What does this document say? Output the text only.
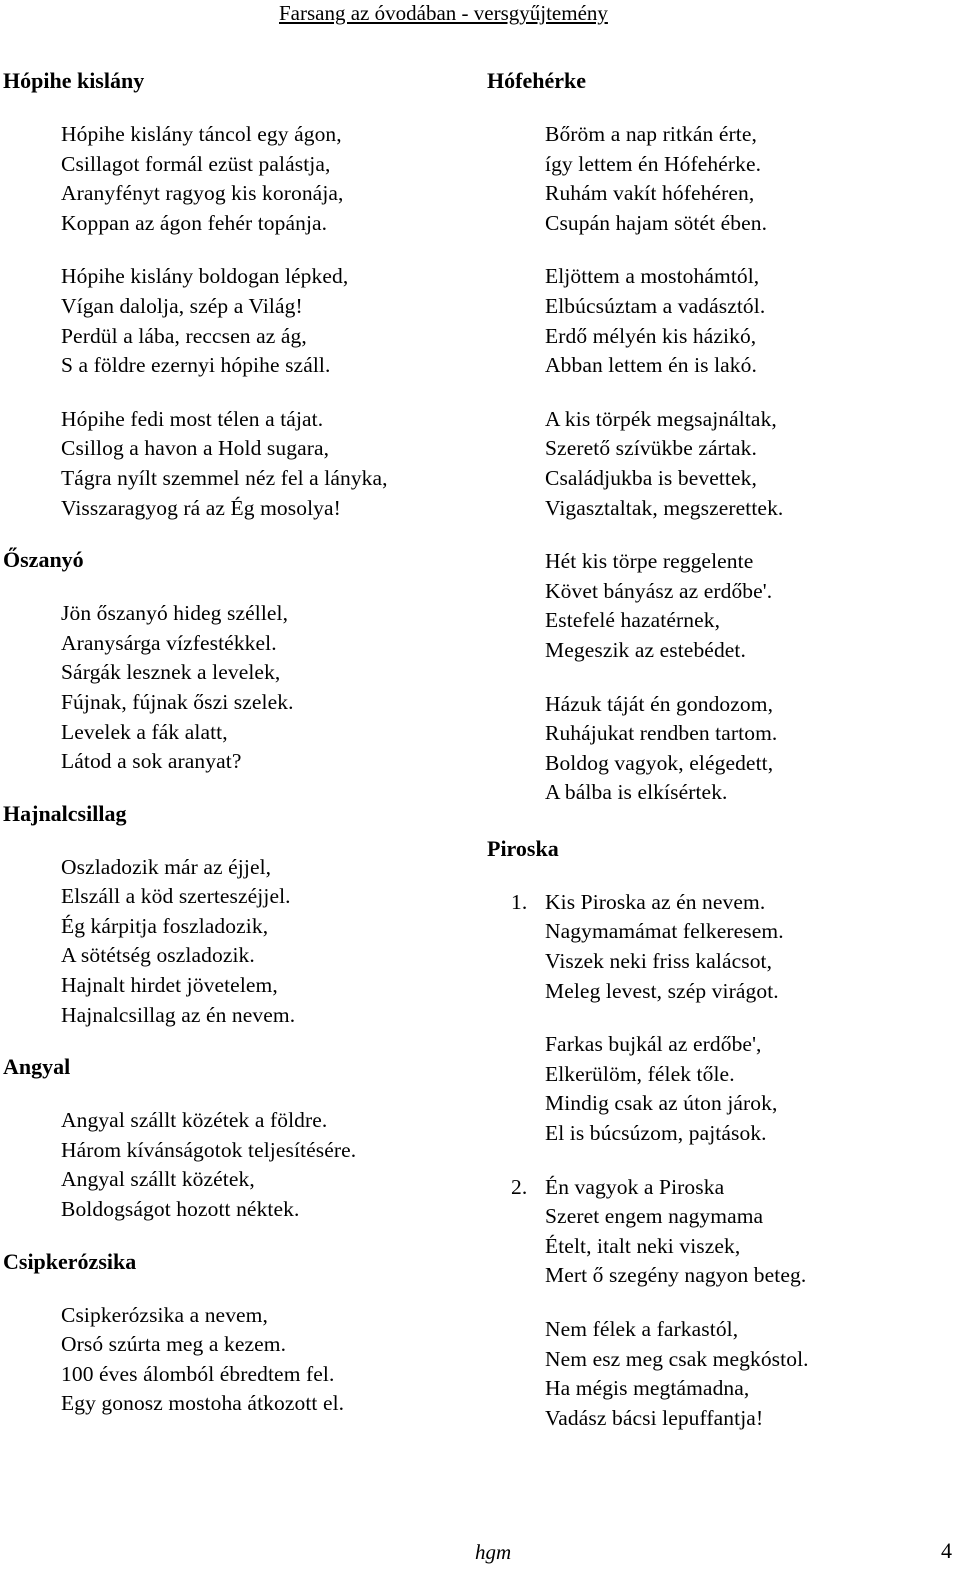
Farsang az óvodában - versgyűjtemény
Hópihe kislány
Hópihe kislány táncol egy ágon,
Csillagot formál ezüst palástja,
Aranyfényt ragyog kis koronája,
Koppan az ágon fehér topánja.
Hópihe kislány boldogan lépked,
Vígan dalolja, szép a Világ!
Perdül a lába, reccsen az ág,
S a földre ezernyi hópihe száll.
Hópihe fedi most télen a tájat.
Csillog a havon a Hold sugara,
Tágra nyílt szemmel néz fel a lányka,
Visszaragyog rá az Ég mosolya!
Őszanyó
Jön őszanyó hideg széllel,
Aranysárga vízfestékkel.
Sárgák lesznek a levelek,
Fújnak, fújnak őszi szelek.
Levelek a fák alatt,
Látod a sok aranyat?
Hajnalcsillag
Oszladozik már az éjjel,
Elszáll a köd szerteszéjjel.
Ég kárpitja foszladozik,
A sötétség oszladozik.
Hajnalt hirdet jövetelem,
Hajnalcsillag az én nevem.
Angyal
Angyal szállt közétek a földre.
Három kívánságotok teljesítésére.
Angyal szállt közétek,
Boldogságot hozott néktek.
Csipkerózsika
Csipkerózsika a nevem,
Orsó szúrta meg a kezem.
100 éves álomból ébredtem fel.
Egy gonosz mostoha átkozott el.
Hófehérke
Bőröm a nap ritkán érte,
így lettem én Hófehérke.
Ruhám vakít hófehéren,
Csupán hajam sötét ében.
Eljöttem a mostohámtól,
Elbúcsúztam a vadásztól.
Erdő mélyén kis házikó,
Abban lettem én is lakó.
A kis törpék megsajnáltak,
Szerető szívükbe zártak.
Családjukba is bevettek,
Vigasztaltak, megszerettek.
Hét kis törpe reggelente
Követ bányász az erdőbe'.
Estefelé hazatérnek,
Megeszik az estebédet.
Házuk táját én gondozom,
Ruhájukat rendben tartom.
Boldog vagyok, elégedett,
A bálba is elkísértek.
Piroska
1. Kis Piroska az én nevem.
Nagymamámat felkeresem.
Viszek neki friss kalácsot,
Meleg levest, szép virágot.
Farkas bujkál az erdőbe',
Elkerülöm, félek tőle.
Mindig csak az úton járok,
El is búcsúzom, pajtások.
2. Én vagyok a Piroska
Szeret engem nagymama
Ételt, italt neki viszek,
Mert ő szegény nagyon beteg.
Nem félek a farkastól,
Nem esz meg csak megkóstol.
Ha mégis megtámadna,
Vadász bácsi lepuffantja!
hgm	4
